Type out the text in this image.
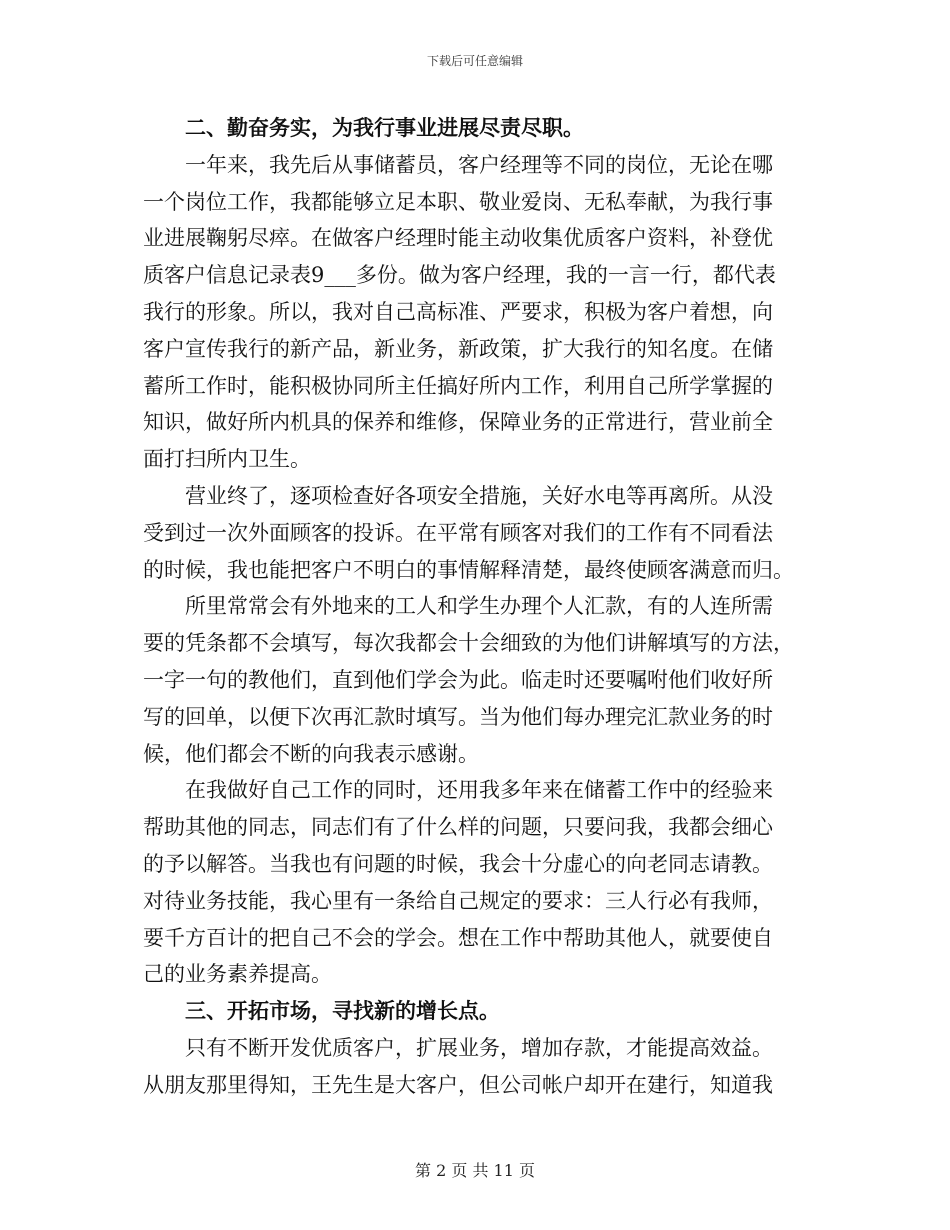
下载后可任意编辑

二、勤奋务实，为我行事业进展尽责尽职。

一年来，我先后从事储蓄员，客户经理等不同的岗位，无论在哪
一个岗位工作，我都能够立足本职、敬业爱岗、无私奉献，为我行事
业进展鞠躬尽瘁。在做客户经理时能主动收集优质客户资料，补登优
质客户信息记录表9___多份。做为客户经理，我的一言一行，都代表
我行的形象。所以，我对自己高标准、严要求，积极为客户着想，向
客户宣传我行的新产品，新业务，新政策，扩大我行的知名度。在储
蓄所工作时，能积极协同所主任搞好所内工作，利用自己所学掌握的
知识，做好所内机具的保养和维修，保障业务的正常进行，营业前全
面打扫所内卫生。

营业终了，逐项检查好各项安全措施，关好水电等再离所。从没
受到过一次外面顾客的投诉。在平常有顾客对我们的工作有不同看法
的时候，我也能把客户不明白的事情解释清楚，最终使顾客满意而归。

所里常常会有外地来的工人和学生办理个人汇款，有的人连所需
要的凭条都不会填写，每次我都会十会细致的为他们讲解填写的方法，
一字一句的教他们，直到他们学会为此。临走时还要嘱咐他们收好所
写的回单，以便下次再汇款时填写。当为他们每办理完汇款业务的时
候，他们都会不断的向我表示感谢。

在我做好自己工作的同时，还用我多年来在储蓄工作中的经验来
帮助其他的同志，同志们有了什么样的问题，只要问我，我都会细心
的予以解答。当我也有问题的时候，我会十分虚心的向老同志请教。
对待业务技能，我心里有一条给自己规定的要求：三人行必有我师，
要千方百计的把自己不会的学会。想在工作中帮助其他人，就要使自
己的业务素养提高。

三、开拓市场，寻找新的增长点。

只有不断开发优质客户，扩展业务，增加存款，才能提高效益。
从朋友那里得知，王先生是大客户，但公司帐户却开在建行，知道我

第 2 页 共 11 页
